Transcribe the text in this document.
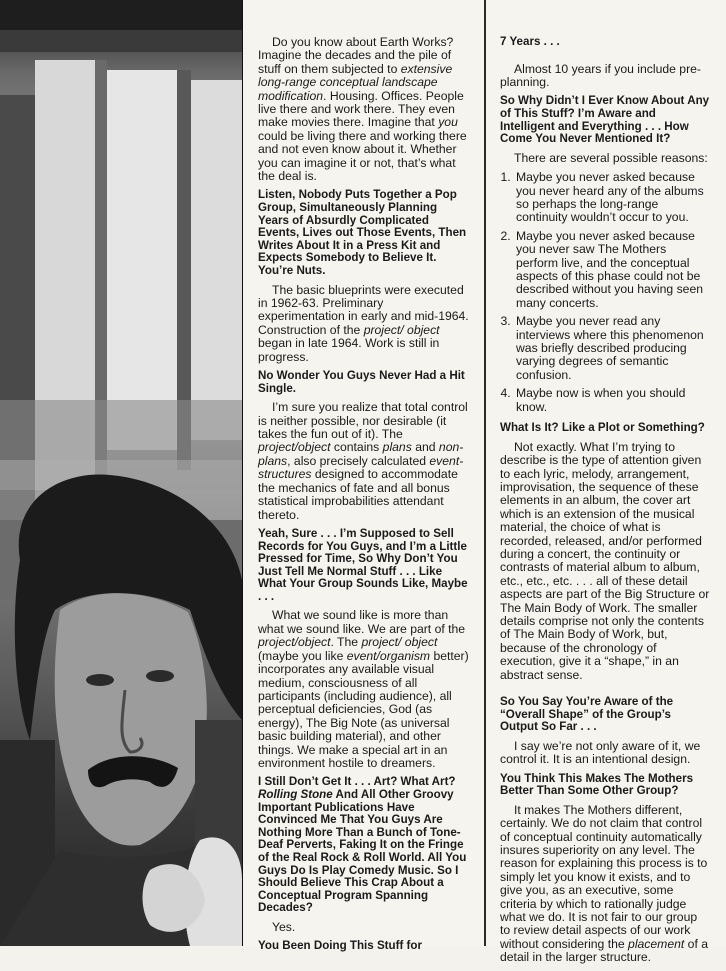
Do you know about Earth Works? Imagine the decades and the pile of stuff on them subjected to extensive long-range conceptual landscape modification. Housing. Offices. People live there and work there. They even make movies there. Imagine that you could be living there and working there and not even know about it. Whether you can imagine it or not, that’s what the deal is.

Listen, Nobody Puts Together a Pop Group, Simultaneously Planning Years of Absurdly Complicated Events, Lives out Those Events, Then Writes About It in a Press Kit and Expects Somebody to Believe It. You’re Nuts.

The basic blueprints were executed in 1962-63. Preliminary experimentation in early and mid-1964. Construction of the project/ object began in late 1964. Work is still in progress.

No Wonder You Guys Never Had a Hit Single.

I’m sure you realize that total control is neither possible, nor desirable (it takes the fun out of it). The project/object contains plans and non-plans, also precisely calculated event-structures designed to accommodate the mechanics of fate and all bonus statistical improbabilities attendant thereto.

Yeah, Sure . . . I’m Supposed to Sell Records for You Guys, and I’m a Little Pressed for Time, So Why Don’t You Just Tell Me Normal Stuff . . . Like What Your Group Sounds Like, Maybe . . .

What we sound like is more than what we sound like. We are part of the project/object. The project/ object (maybe you like event/organism better) incorporates any available visual medium, consciousness of all participants (including audience), all perceptual deficiencies, God (as energy), The Big Note (as universal basic building material), and other things. We make a special art in an environment hostile to dreamers.

I Still Don’t Get It . . . Art? What Art? Rolling Stone And All Other Groovy Important Publications Have Convinced Me That You Guys Are Nothing More Than a Bunch of Tone-Deaf Perverts, Faking It on the Fringe of the Real Rock & Roll World. All You Guys Do Is Play Comedy Music. So I Should Believe This Crap About a Conceptual Program Spanning Decades?

Yes.

You Been Doing This Stuff for
7 Years . . .

Almost 10 years if you include pre-planning.

So Why Didn’t I Ever Know About Any of This Stuff? I’m Aware and Intelligent and Everything . . . How Come You Never Mentioned It?

There are several possible reasons:

1. Maybe you never asked because you never heard any of the albums so perhaps the long-range continuity wouldn’t occur to you.
2. Maybe you never asked because you never saw The Mothers perform live, and the conceptual aspects of this phase could not be described without you having seen many concerts.
3. Maybe you never read any interviews where this phenomenon was briefly described producing varying degrees of semantic confusion.
4. Maybe now is when you should know.
What Is It? Like a Plot or Something?

Not exactly. What I’m trying to describe is the type of attention given to each lyric, melody, arrangement, improvisation, the sequence of these elements in an album, the cover art which is an extension of the musical material, the choice of what is recorded, released, and/or performed during a concert, the continuity or contrasts of material album to album, etc., etc., etc. . . . all of these detail aspects are part of the Big Structure or The Main Body of Work. The smaller details comprise not only the contents of The Main Body of Work, but, because of the chronology of execution, give it a “shape,” in an abstract sense.

So You Say You’re Aware of the “Overall Shape” of the Group’s Output So Far . . .

I say we’re not only aware of it, we control it. It is an intentional design.

You Think This Makes The Mothers Better Than Some Other Group?

It makes The Mothers different, certainly. We do not claim that control of conceptual continuity automatically insures superiority on any level. The reason for explaining this process is to simply let you know it exists, and to give you, as an executive, some criteria by which to rationally judge what we do. It is not fair to our group to review detail aspects of our work without considering the placement of a detail in the larger structure.
